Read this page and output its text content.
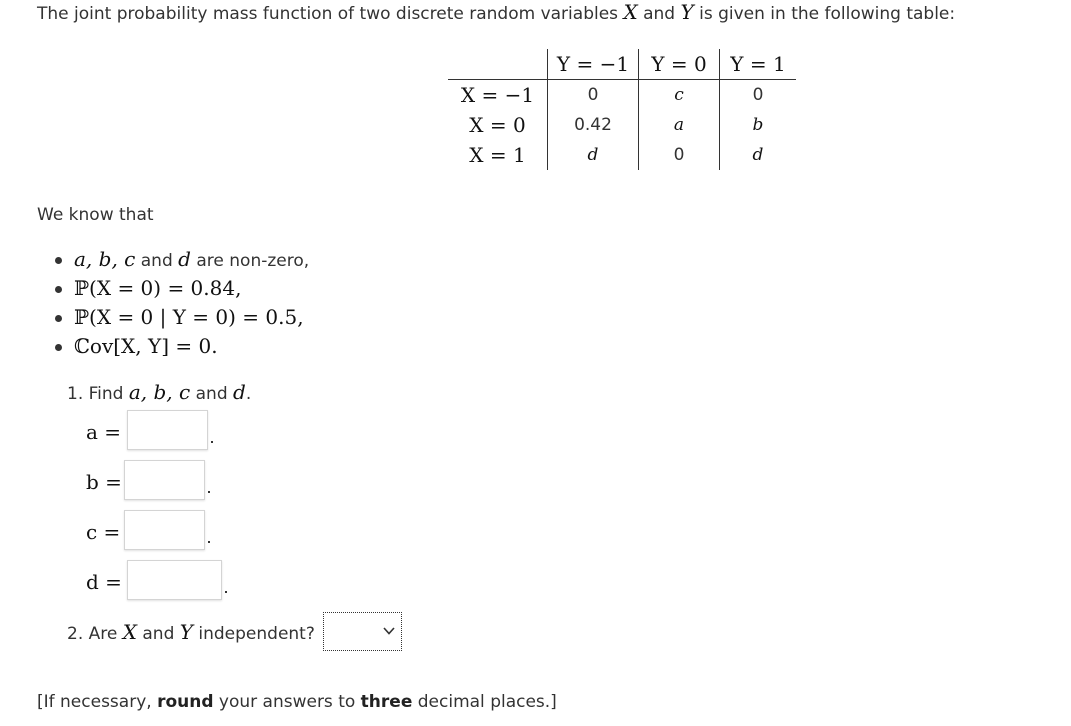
The joint probability mass function of two discrete random variables X and Y is given in the following table:
	Y = −1	Y = 0	Y = 1
X = −1	0	c	0
X = 0	0.42	a	b
X = 1	d	0	d
We know that
a, b, c and d are non-zero,
ℙ(X = 0) = 0.84,
ℙ(X = 0 | Y = 0) = 0.5,
ℂov[X, Y] = 0.
1. Find a, b, c and d.
a =
b =
c =
d =
2. Are X and Y independent?
[If necessary, round your answers to three decimal places.]
